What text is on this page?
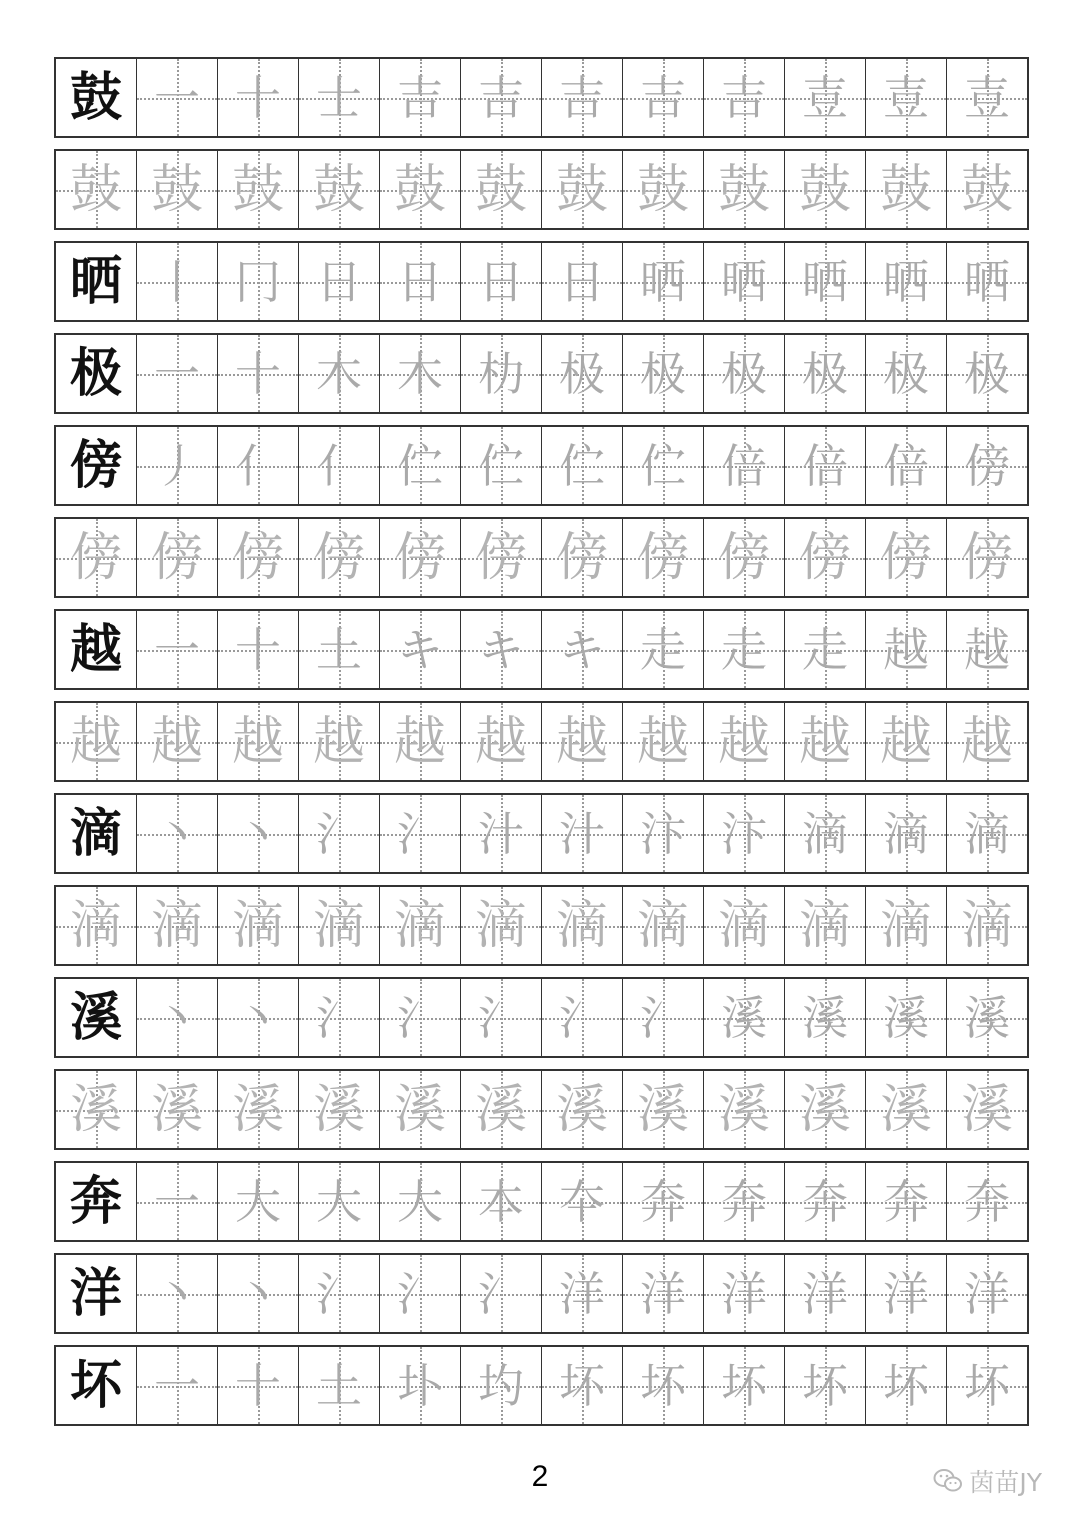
鼓 一 十 士 吉 吉 吉 吉 吉 壴 壴 壴
鼓 鼓 鼓 鼓 鼓 鼓 鼓 鼓 鼓 鼓 鼓 鼓
晒 丨 冂 日 日 日 日 晒 晒 晒 晒 晒
极 一 十 木 木 朸 极 极 极 极 极 极
傍 丿 亻 亻 伫 伫 伫 伫 倍 倍 倍 傍
傍 傍 傍 傍 傍 傍 傍 傍 傍 傍 傍 傍
越 一 十 土 キ キ キ 走 走 走 越 越
越 越 越 越 越 越 越 越 越 越 越 越
滴 丶 丶 氵 氵 汁 汁 汴 汴 滴 滴 滴
滴 滴 滴 滴 滴 滴 滴 滴 滴 滴 滴 滴
溪 丶 丶 氵 氵 氵 氵 氵 溪 溪 溪 溪
溪 溪 溪 溪 溪 溪 溪 溪 溪 溪 溪 溪
奔 一 大 大 大 本 夲 奔 奔 奔 奔 奔
洋 丶 丶 氵 氵 氵 洋 洋 洋 洋 洋 洋
坏 一 十 土 圤 圴 坏 坏 坏 坏 坏 坏
2	茵苗JY
